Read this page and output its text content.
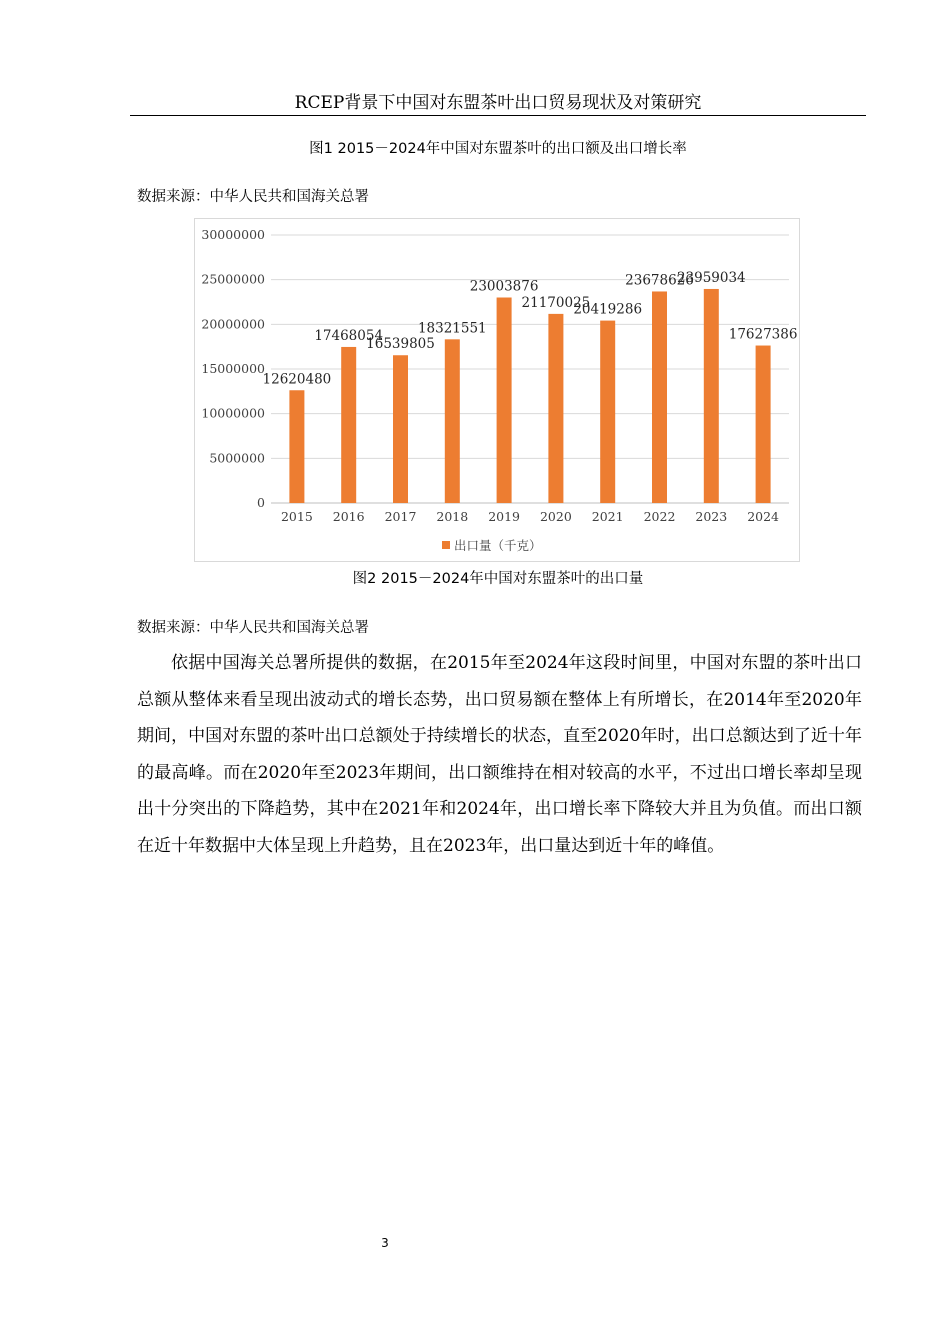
RCEP背景下中国对东盟茶叶出口贸易现状及对策研究
图1 2015－2024年中国对东盟茶叶的出口额及出口增长率
数据来源：中华人民共和国海关总署
0
5000000
10000000
15000000
20000000
25000000
30000000
12620480
2015
17468054
2016
16539805
2017
18321551
2018
23003876
2019
21170025
2020
20419286
2021
23678626
2022
23959034
2023
17627386
2024
出口量（千克）
图2 2015－2024年中国对东盟茶叶的出口量
数据来源：中华人民共和国海关总署

依据中国海关总署所提供的数据，在2015年至2024年这段时间里，中国对东盟的茶叶出口总额从整体来看呈现出波动式的增长态势，出口贸易额在整体上有所增长，在2014年至2020年期间，中国对东盟的茶叶出口总额处于持续增长的状态，直至2020年时，出口总额达到了近十年的最高峰。而在2020年至2023年期间，出口额维持在相对较高的水平，不过出口增长率却呈现出十分突出的下降趋势，其中在2021年和2024年，出口增长率下降较大并且为负值。而出口额在近十年数据中大体呈现上升趋势，且在2023年，出口量达到近十年的峰值。

3
